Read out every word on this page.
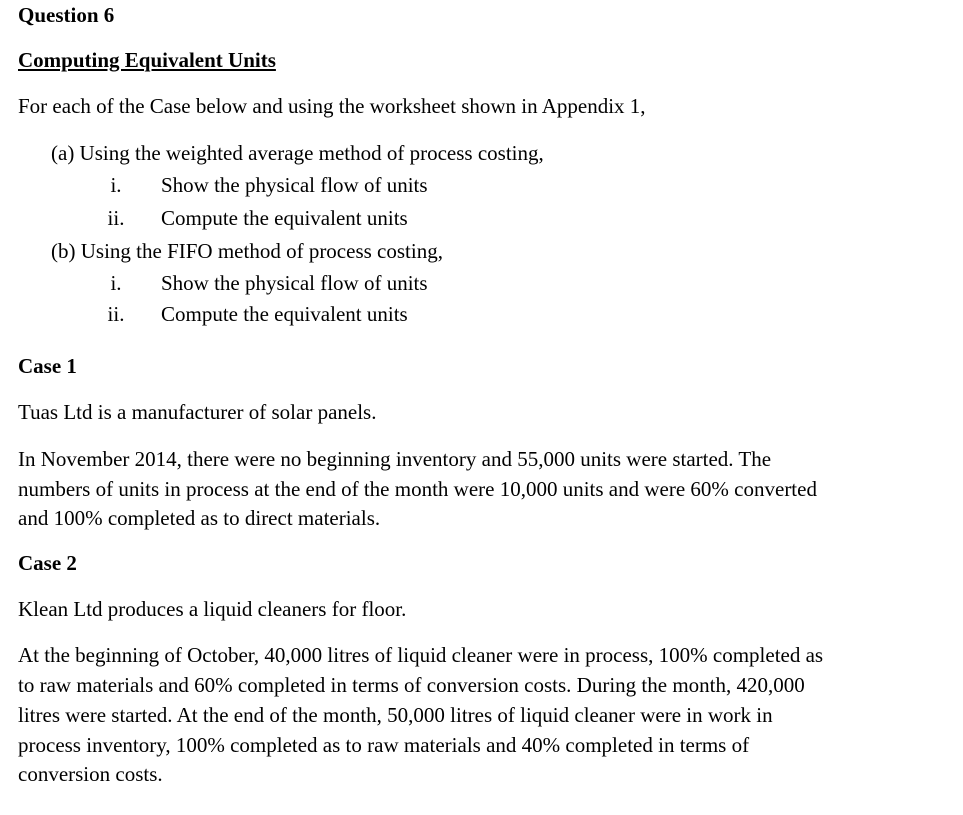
Question 6
Computing Equivalent Units
For each of the Case below and using the worksheet shown in Appendix 1,
(a) Using the weighted average method of process costing,
i.	Show the physical flow of units
ii.	Compute the equivalent units
(b) Using the FIFO method of process costing,
i.	Show the physical flow of units
ii.	Compute the equivalent units
Case 1
Tuas Ltd is a manufacturer of solar panels.
In November 2014, there were no beginning inventory and 55,000 units were started. The
numbers of units in process at the end of the month were 10,000 units and were 60% converted
and 100% completed as to direct materials.
Case 2
Klean Ltd produces a liquid cleaners for floor.
At the beginning of October, 40,000 litres of liquid cleaner were in process, 100% completed as
to raw materials and 60% completed in terms of conversion costs. During the month, 420,000
litres were started. At the end of the month, 50,000 litres of liquid cleaner were in work in
process inventory, 100% completed as to raw materials and 40% completed in terms of
conversion costs.
